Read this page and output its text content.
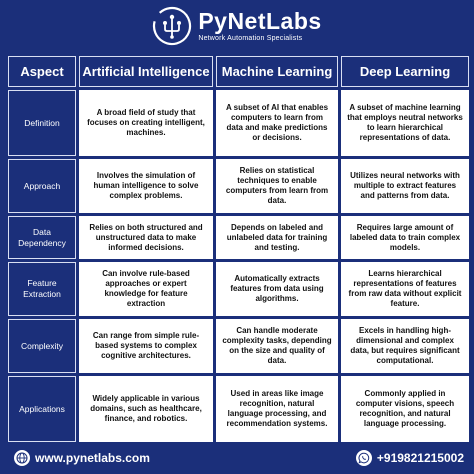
PyNetLabs
Network Automation Specialists
Aspect	Artificial Intelligence	Machine Learning	Deep Learning
Definition	A broad field of study that focuses on creating intelligent, machines.	A subset of AI that enables computers to learn from data and make predictions or decisions.	A subset of machine learning that employs neutral networks to learn hierarchical representations of data.
Approach	Involves the simulation of human intelligence to solve complex problems.	Relies on statistical techniques to enable computers from learn from data.	Utilizes neural networks with multiple to extract features and patterns from data.
Data Dependency	Relies on both structured and unstructured data to make informed decisions.	Depends on labeled and unlabeled data for training and testing.	Requires large amount of labeled data to train complex models.
Feature Extraction	Can involve rule-based approaches or expert knowledge for feature extraction	Automatically extracts features from data using algorithms.	Learns hierarchical representations of features from raw data without explicit feature.
Complexity	Can range from simple rule-based systems to complex cognitive architectures.	Can handle moderate complexity tasks, depending on the size and quality of data.	Excels in handling high-dimensional and complex data, but requires significant computational.
Applications	Widely applicable in various domains, such as healthcare, finance, and robotics.	Used in areas like image recognition, natural language processing, and recommendation systems.	Commonly applied in computer visions, speech recognition, and natural language processing.
www.pynetlabs.com	+919821215002
